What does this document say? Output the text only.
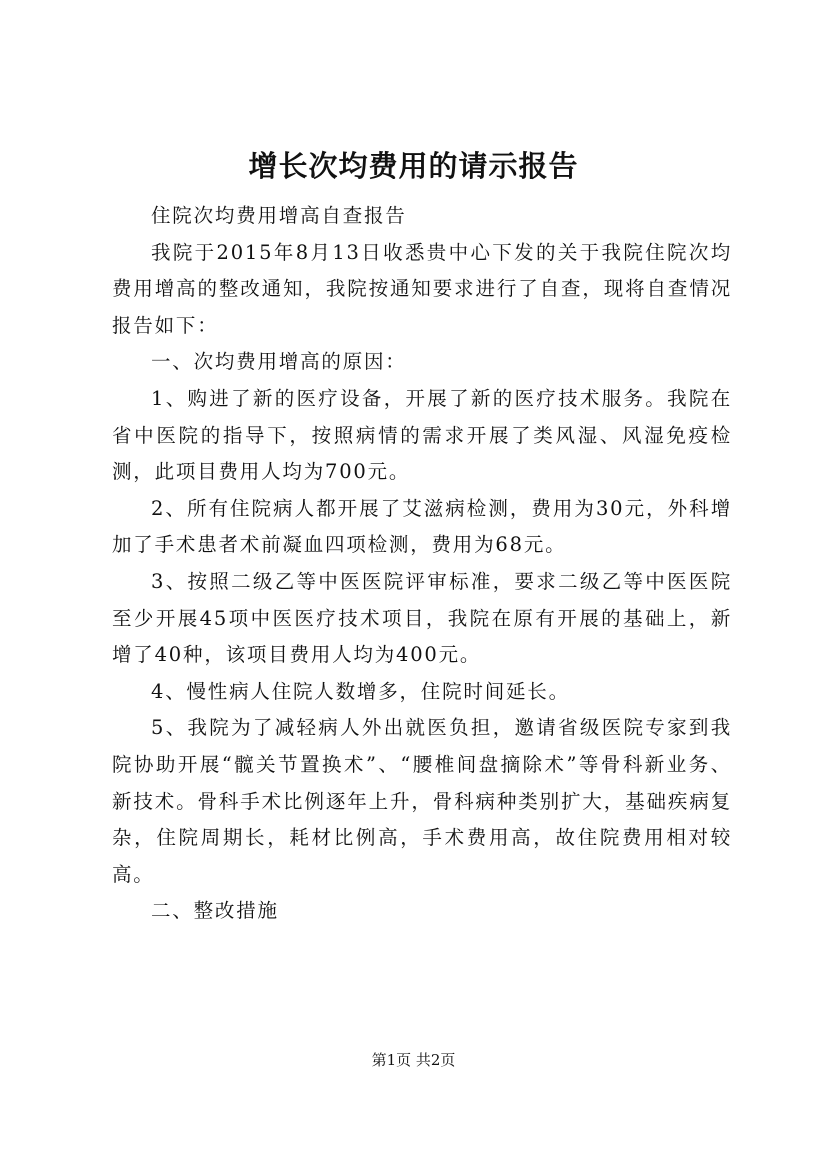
增长次均费用的请示报告

住院次均费用增高自查报告

我院于2015年8月13日收悉贵中心下发的关于我院住院次均费用增高的整改通知，我院按通知要求进行了自查，现将自查情况报告如下：

一、次均费用增高的原因：

1、购进了新的医疗设备，开展了新的医疗技术服务。我院在省中医院的指导下，按照病情的需求开展了类风湿、风湿免疫检测，此项目费用人均为700元。

2、所有住院病人都开展了艾滋病检测，费用为30元，外科增加了手术患者术前凝血四项检测，费用为68元。

3、按照二级乙等中医医院评审标准，要求二级乙等中医医院至少开展45项中医医疗技术项目，我院在原有开展的基础上，新增了40种，该项目费用人均为400元。

4、慢性病人住院人数增多，住院时间延长。

5、我院为了减轻病人外出就医负担，邀请省级医院专家到我院协助开展“髋关节置换术”、“腰椎间盘摘除术”等骨科新业务、新技术。骨科手术比例逐年上升，骨科病种类别扩大，基础疾病复杂，住院周期长，耗材比例高，手术费用高，故住院费用相对较高。

二、整改措施

第1页 共2页
